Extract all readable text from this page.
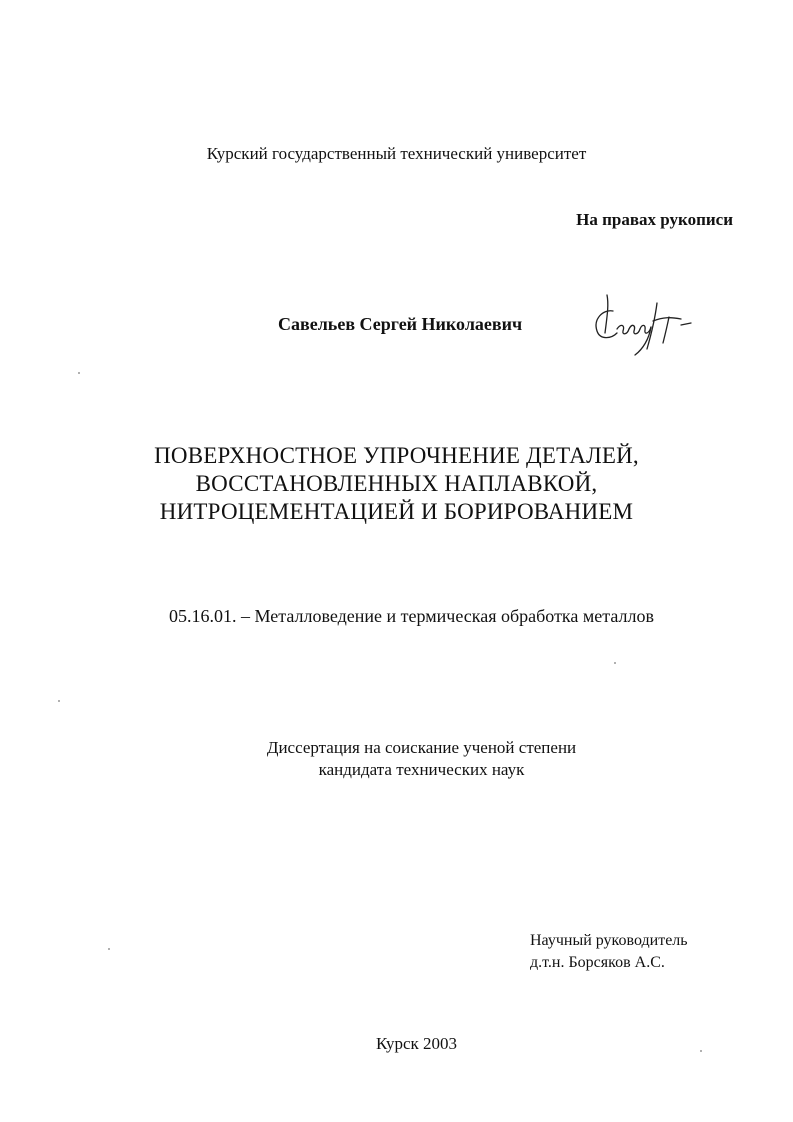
Курский государственный технический университет
На правах рукописи
Савельев Сергей Николаевич
ПОВЕРХНОСТНОЕ УПРОЧНЕНИЕ ДЕТАЛЕЙ,
ВОССТАНОВЛЕННЫХ НАПЛАВКОЙ,
НИТРОЦЕМЕНТАЦИЕЙ И БОРИРОВАНИЕМ
05.16.01. – Металловедение и термическая обработка металлов
Диссертация на соискание ученой степени
кандидата технических наук
Научный руководитель
д.т.н. Борсяков А.С.
Курск 2003
